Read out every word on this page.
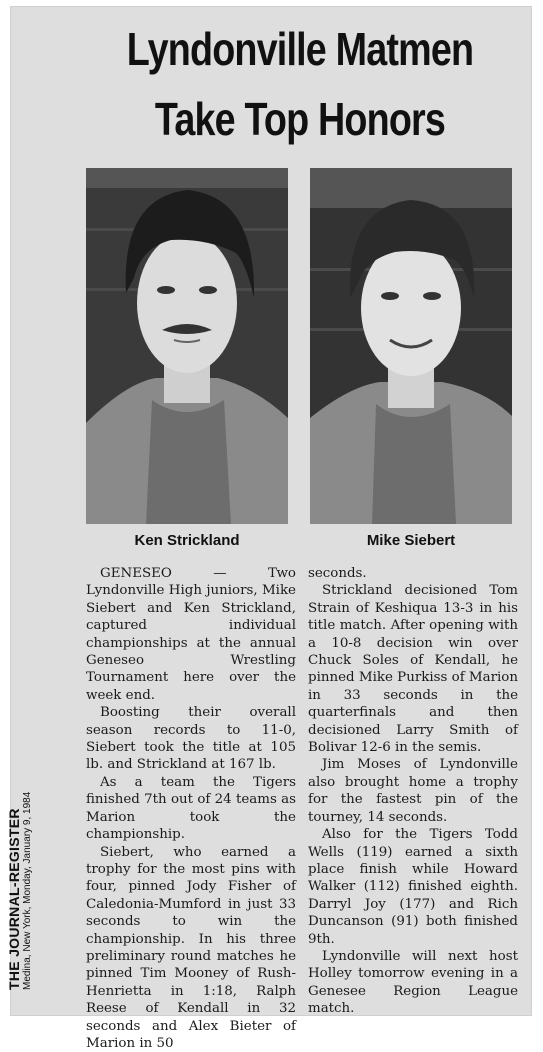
Lyndonville Matmen
Take Top Honors
Ken Strickland	Mike Siebert
THE JOURNAL-REGISTER Medina, New York, Monday, January 9, 1984

GENESEO — Two Lyndonville High juniors, Mike Siebert and Ken Strickland, captured individual championships at the annual Geneseo Wrestling Tournament here over the week end.

Boosting their overall season records to 11-0, Siebert took the title at 105 lb. and Strickland at 167 lb.

As a team the Tigers finished 7th out of 24 teams as Marion took the championship.

Siebert, who earned a trophy for the most pins with four, pinned Jody Fisher of Caledonia-Mumford in just 33 seconds to win the championship. In his three preliminary round matches he pinned Tim Mooney of Rush-Henrietta in 1:18, Ralph Reese of Kendall in 32 seconds and Alex Bieter of Marion in 50

seconds.

Strickland decisioned Tom Strain of Keshiqua 13-3 in his title match. After opening with a 10-8 decision win over Chuck Soles of Kendall, he pinned Mike Purkiss of Marion in 33 seconds in the quarterfinals and then decisioned Larry Smith of Bolivar 12-6 in the semis.

Jim Moses of Lyndonville also brought home a trophy for the fastest pin of the tourney, 14 seconds.

Also for the Tigers Todd Wells (119) earned a sixth place finish while Howard Walker (112) finished eighth. Darryl Joy (177) and Rich Duncanson (91) both finished 9th.

Lyndonville will next host Holley tomorrow evening in a Genesee Region League match.
